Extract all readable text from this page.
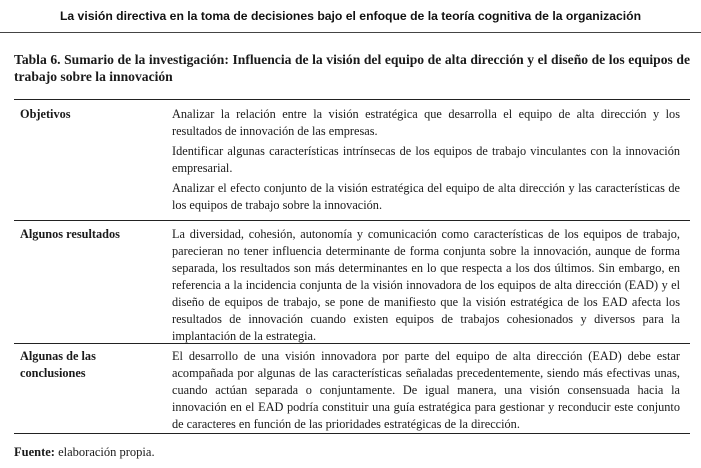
La visión directiva en la toma de decisiones bajo el enfoque de la teoría cognitiva de la organización
Tabla 6. Sumario de la investigación: Influencia de la visión del equipo de alta dirección y el diseño de los equipos de trabajo sobre la innovación
Objetivos	Analizar la relación entre la visión estratégica que desarrolla el equipo de alta dirección y los resultados de innovación de las empresas.

Identificar algunas características intrínsecas de los equipos de trabajo vinculantes con la innovación empresarial.

Analizar el efecto conjunto de la visión estratégica del equipo de alta dirección y las características de los equipos de trabajo sobre la innovación.

Algunos resultados	La diversidad, cohesión, autonomía y comunicación como características de los equipos de trabajo, parecieran no tener influencia determinante de forma conjunta sobre la innovación, aunque de forma separada, los resultados son más determinantes en lo que respecta a los dos últimos. Sin embargo, en referencia a la incidencia conjunta de la visión innovadora de los equipos de alta dirección (EAD) y el diseño de equipos de trabajo, se pone de manifiesto que la visión estratégica de los EAD afecta los resultados de innovación cuando existen equipos de trabajos cohesionados y diversos para la implantación de la estrategia.

Algunas de las conclusiones

El desarrollo de una visión innovadora por parte del equipo de alta dirección (EAD) debe estar acompañada por algunas de las características señaladas precedentemente, siendo más efectivas unas, cuando actúan separada o conjuntamente. De igual manera, una visión consensuada hacia la innovación en el EAD podría constituir una guía estratégica para gestionar y reconducir este conjunto de caracteres en función de las prioridades estratégicas de la dirección.

Fuente: elaboración propia.
